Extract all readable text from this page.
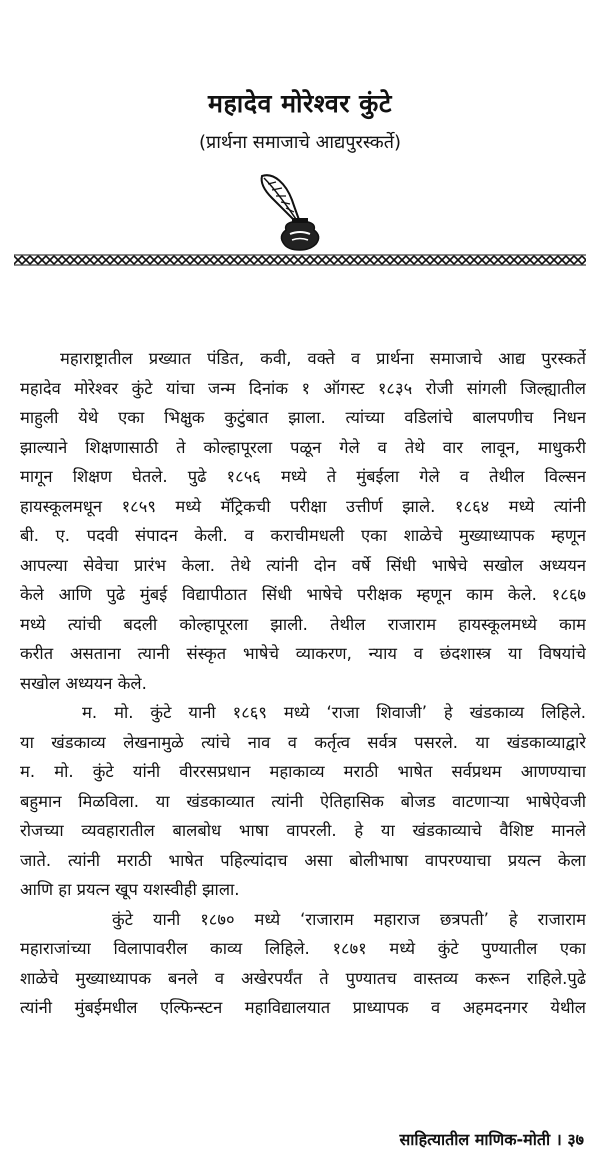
महादेव मोरेश्वर कुंटे
(प्रार्थना समाजाचे आद्यपुरस्कर्ते)
महाराष्ट्रातील प्रख्यात पंडित, कवी, वक्ते व प्रार्थना समाजाचे आद्य पुरस्कर्ते
महादेव मोरेश्वर कुंटे यांचा जन्म दिनांक १ ऑगस्ट १८३५ रोजी सांगली जिल्ह्यातील
माहुली येथे एका भिक्षुक कुटुंबात झाला. त्यांच्या वडिलांचे बालपणीच निधन
झाल्याने शिक्षणासाठी ते कोल्हापूरला पळून गेले व तेथे वार लावून, माधुकरी
मागून शिक्षण घेतले. पुढे १८५६ मध्ये ते मुंबईला गेले व तेथील विल्सन
हायस्कूलमधून १८५९ मध्ये मॅट्रिकची परीक्षा उत्तीर्ण झाले. १८६४ मध्ये त्यांनी
बी. ए. पदवी संपादन केली. व कराचीमधली एका शाळेचे मुख्याध्यापक म्हणून
आपल्या सेवेचा प्रारंभ केला. तेथे त्यांनी दोन वर्षे सिंधी भाषेचे सखोल अध्ययन
केले आणि पुढे मुंबई विद्यापीठात सिंधी भाषेचे परीक्षक म्हणून काम केले. १८६७
मध्ये त्यांची बदली कोल्हापूरला झाली. तेथील राजाराम हायस्कूलमध्ये काम
करीत असताना त्यानी संस्कृत भाषेचे व्याकरण, न्याय व छंदशास्त्र या विषयांचे
सखोल अध्ययन केले.
म. मो. कुंटे यानी १८६९ मध्ये ‘राजा शिवाजी’ हे खंडकाव्य लिहिले.
या खंडकाव्य लेखनामुळे त्यांचे नाव व कर्तृत्व सर्वत्र पसरले. या खंडकाव्याद्वारे
म. मो. कुंटे यांनी वीररसप्रधान महाकाव्य मराठी भाषेत सर्वप्रथम आणण्याचा
बहुमान मिळविला. या खंडकाव्यात त्यांनी ऐतिहासिक बोजड वाटणाऱ्या भाषेऐवजी
रोजच्या व्यवहारातील बालबोध भाषा वापरली. हे या खंडकाव्याचे वैशिष्ट मानले
जाते. त्यांनी मराठी भाषेत पहिल्यांदाच असा बोलीभाषा वापरण्याचा प्रयत्न केला
आणि हा प्रयत्न खूप यशस्वीही झाला.
कुंटे यानी १८७० मध्ये ‘राजाराम महाराज छत्रपती’ हे राजाराम
महाराजांच्या विलापावरील काव्य लिहिले. १८७१ मध्ये कुंटे पुण्यातील एका
शाळेचे मुख्याध्यापक बनले व अखेरपर्यंत ते पुण्यातच वास्तव्य करून राहिले.पुढे
त्यांनी मुंबईमधील एल्फिन्स्टन महाविद्यालयात प्राध्यापक व अहमदनगर येथील
साहित्यातील माणिक-मोती । ३७
